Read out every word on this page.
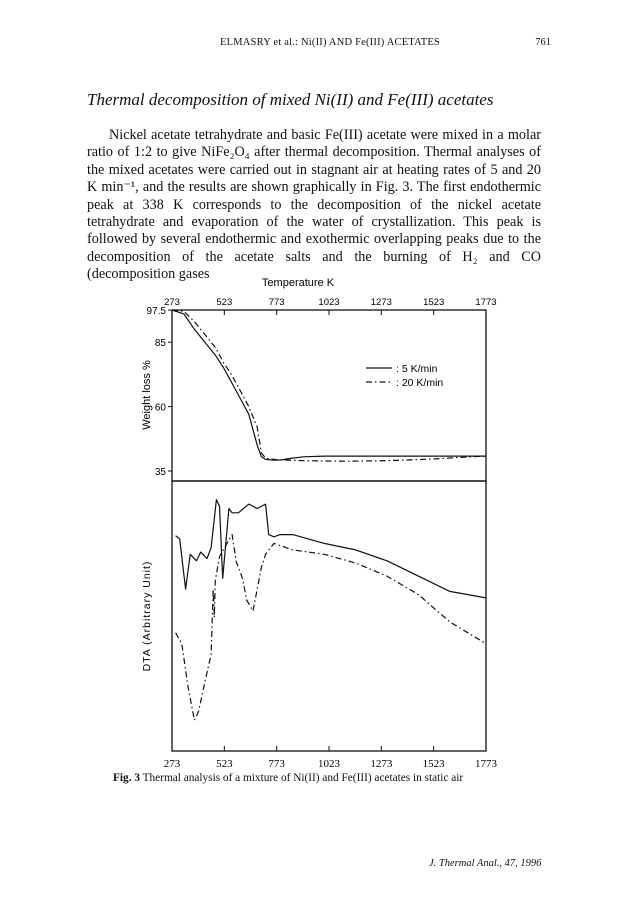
ELMASRY et al.: Ni(II) AND Fe(III) ACETATES	761
Thermal decomposition of mixed Ni(II) and Fe(III) acetates

Nickel acetate tetrahydrate and basic Fe(III) acetate were mixed in a molar ratio of 1:2 to give NiFe₂O₄ after thermal decomposition. Thermal analyses of the mixed acetates were carried out in stagnant air at heating rates of 5 and 20 K min⁻¹, and the results are shown graphically in Fig. 3. The first endothermic peak at 338 K corresponds to the decomposition of the nickel acetate tetrahydrate and evaporation of the water of crystallization. This peak is followed by several endothermic and exothermic overlapping peaks due to the decomposition of the acetate salts and the burning of H₂ and CO (decomposition gases

Temperature K
273	523	773	1023	1273	1523	1773
273	523	773	1023	1273	1523	1773
97.5
85
60
35
Weight loss %
DTA (Arbitrary Unit)
: 5 K/min
: 20 K/min
Fig. 3 Thermal analysis of a mixture of Ni(II) and Fe(III) acetates in static air
J. Thermal Anal., 47, 1996
